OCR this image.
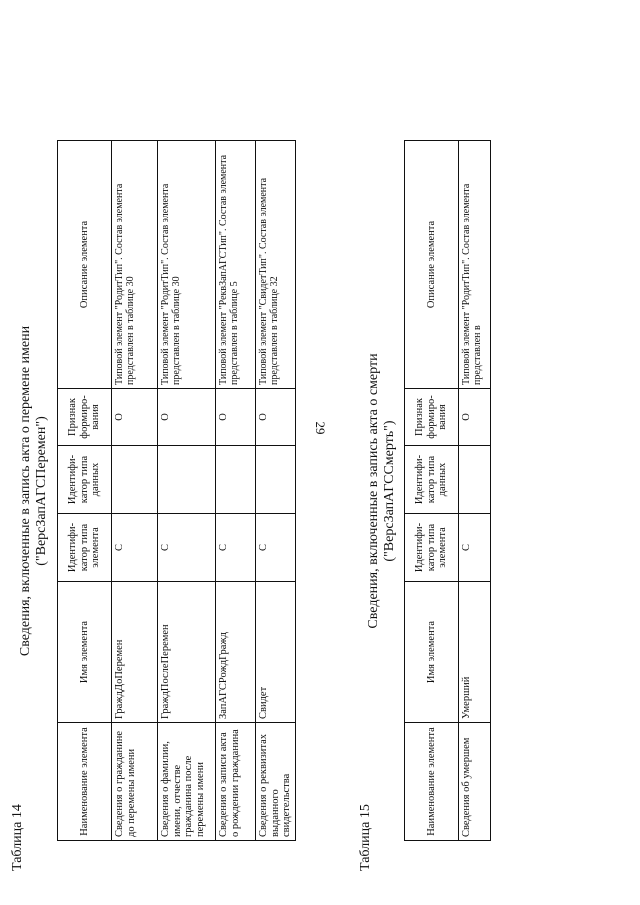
29
Наименование элемента	Имя элемента	Идентифи-катор типа элемента	Идентифи-катор типа данных	Признак формиро-вания	Описание элемента
Сведения о гражданине до перемены имени	ГраждДоПеремен	С		О	Типовой элемент "РодитТип". Состав элемента представлен в таблице 30
Сведения о фамилии, имени, отчестве гражданина после перемены имени	ГраждПослеПеремен	С		О	Типовой элемент "РодитТип". Состав элемента представлен в таблице 30
Сведения о записи акта о рождении гражданина	ЗапАГСРождГражд	С		О	Типовой элемент "РеквЗапАГСТип". Состав элемента представлен в таблице 5
Сведения о реквизитах выданного свидетельства	Свидет	С		О	Типовой элемент "СвидетТип". Состав элемента представлен в таблице 32
Наименование элемента	Имя элемента	Идентифи-катор типа элемента	Идентифи-катор типа данных	Признак формиро-вания	Описание элемента
Сведения об умершем	Умерший	С		О	Типовой элемент "РодитТип". Состав элемента представлен в
Таблица 14
Сведения, включенные в запись акта о перемене имени ("ВерсЗапАГСПеремен")
Таблица 15
Сведения, включенные в запись акта о смерти ("ВерсЗапАГССмерть")
